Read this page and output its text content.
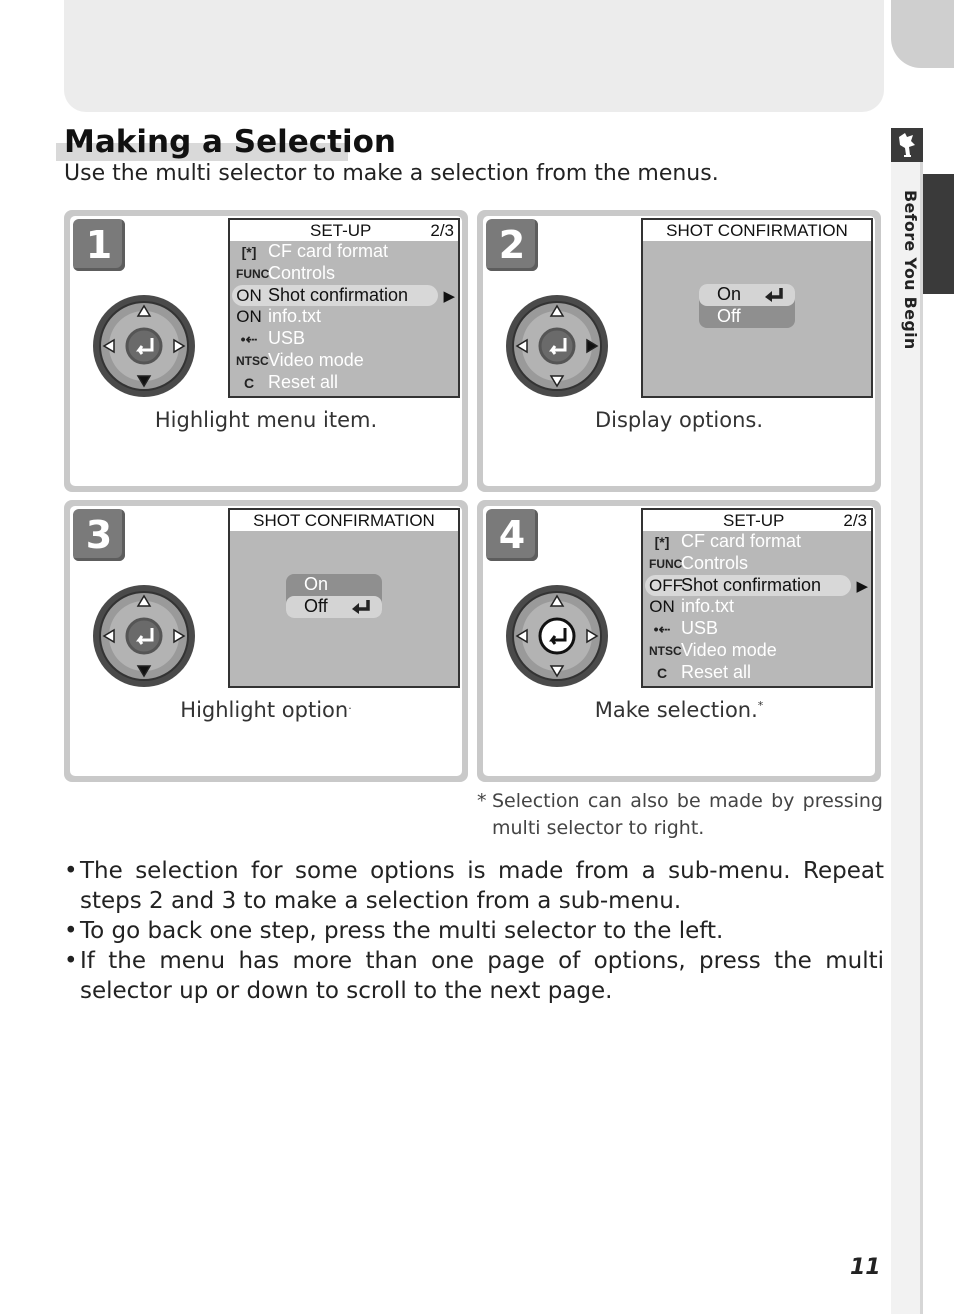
Before You Begin
Making a Selection
Use the multi selector to make a selection from the menus.
1	SET-UP	2/3
[*] CF card format
FUNC
Controls
ON Shot confirmation ▶
ON info.txt
•⇠ USB
NTSC Video mode
C Reset all
Highlight menu item.
2	SHOT CONFIRMATION
On
Off
Display options.
3	SHOT CONFIRMATION
On
Off
Highlight option.
4	SET-UP	2/3
[*] CF card format
FUNC
Controls
OFF
Shot confirmation ▶
ON info.txt
•⇠ USB
NTSC Video mode
C Reset all
Make selection.*
* Selection can also be made by pressing multi selector to right.
• The selection for some options is made from a sub-menu. Repeat steps 2 and 3 to make a selection from a sub-menu.
• To go back one step, press the multi selector to the left.
• If the menu has more than one page of options, press the multi selector up or down to scroll to the next page.
11
